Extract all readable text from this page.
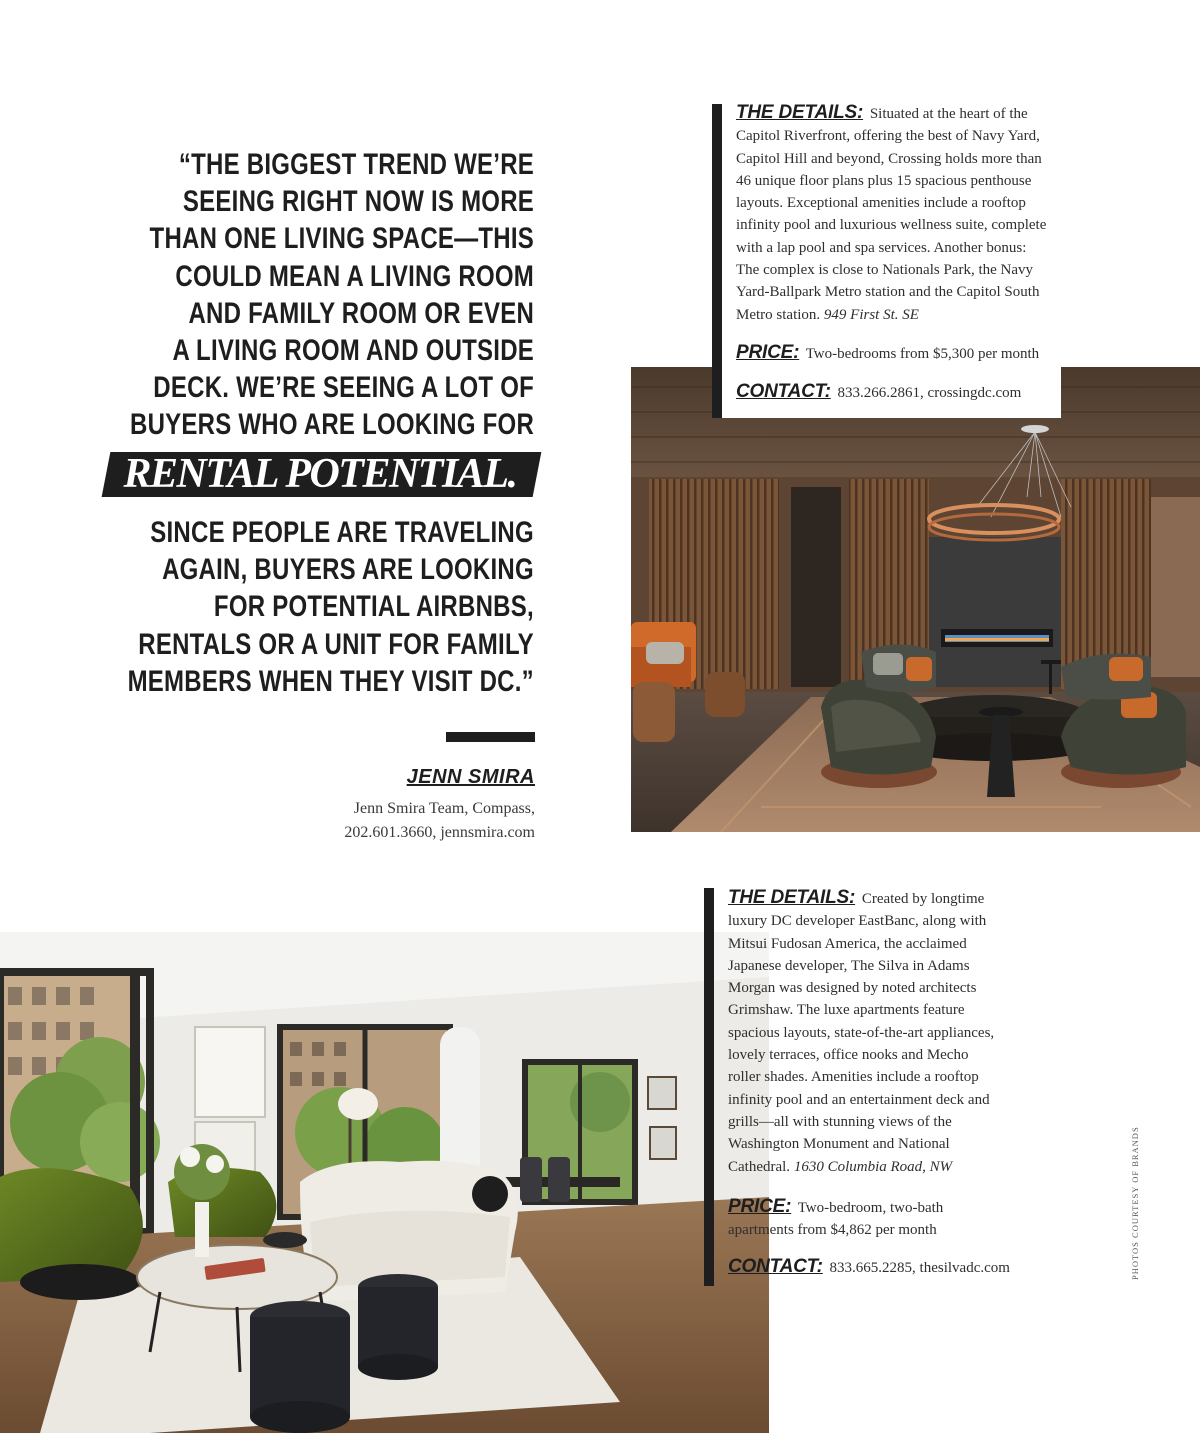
“THE BIGGEST TREND WE’RE
SEEING RIGHT NOW IS MORE
THAN ONE LIVING SPACE—THIS
COULD MEAN A LIVING ROOM
AND FAMILY ROOM OR EVEN
A LIVING ROOM AND OUTSIDE
DECK. WE’RE SEEING A LOT OF
BUYERS WHO ARE LOOKING FOR
RENTAL POTENTIAL.
SINCE PEOPLE ARE TRAVELING
AGAIN, BUYERS ARE LOOKING
FOR POTENTIAL AIRBNBS,
RENTALS OR A UNIT FOR FAMILY
MEMBERS WHEN THEY VISIT DC.”

JENN SMIRA

Jenn Smira Team, Compass,
202.601.3660, jennsmira.com

THE DETAILS: Situated at the heart of the Capitol Riverfront, offering the best of Navy Yard, Capitol Hill and beyond, Crossing holds more than 46 unique floor plans plus 15 spacious penthouse layouts. Exceptional amenities include a rooftop infinity pool and luxurious wellness suite, complete with a lap pool and spa services. Another bonus: The complex is close to Nationals Park, the Navy Yard-Ballpark Metro station and the Capitol South Metro station. 949 First St. SE

PRICE: Two-bedrooms from $5,300 per month

CONTACT: 833.266.2861, crossingdc.com

THE DETAILS: Created by longtime luxury DC developer EastBanc, along with Mitsui Fudosan America, the acclaimed Japanese developer, The Silva in Adams Morgan was designed by noted architects Grimshaw. The luxe apartments feature spacious layouts, state-of-the-art appliances, lovely terraces, office nooks and Mecho roller shades. Amenities include a rooftop infinity pool and an entertainment deck and grills—all with stunning views of the Washington Monument and National Cathedral. 1630 Columbia Road, NW

PRICE: Two-bedroom, two-bath apartments from $4,862 per month

CONTACT: 833.665.2285, thesilvadc.com	PHOTOS COURTESY OF BRANDS
